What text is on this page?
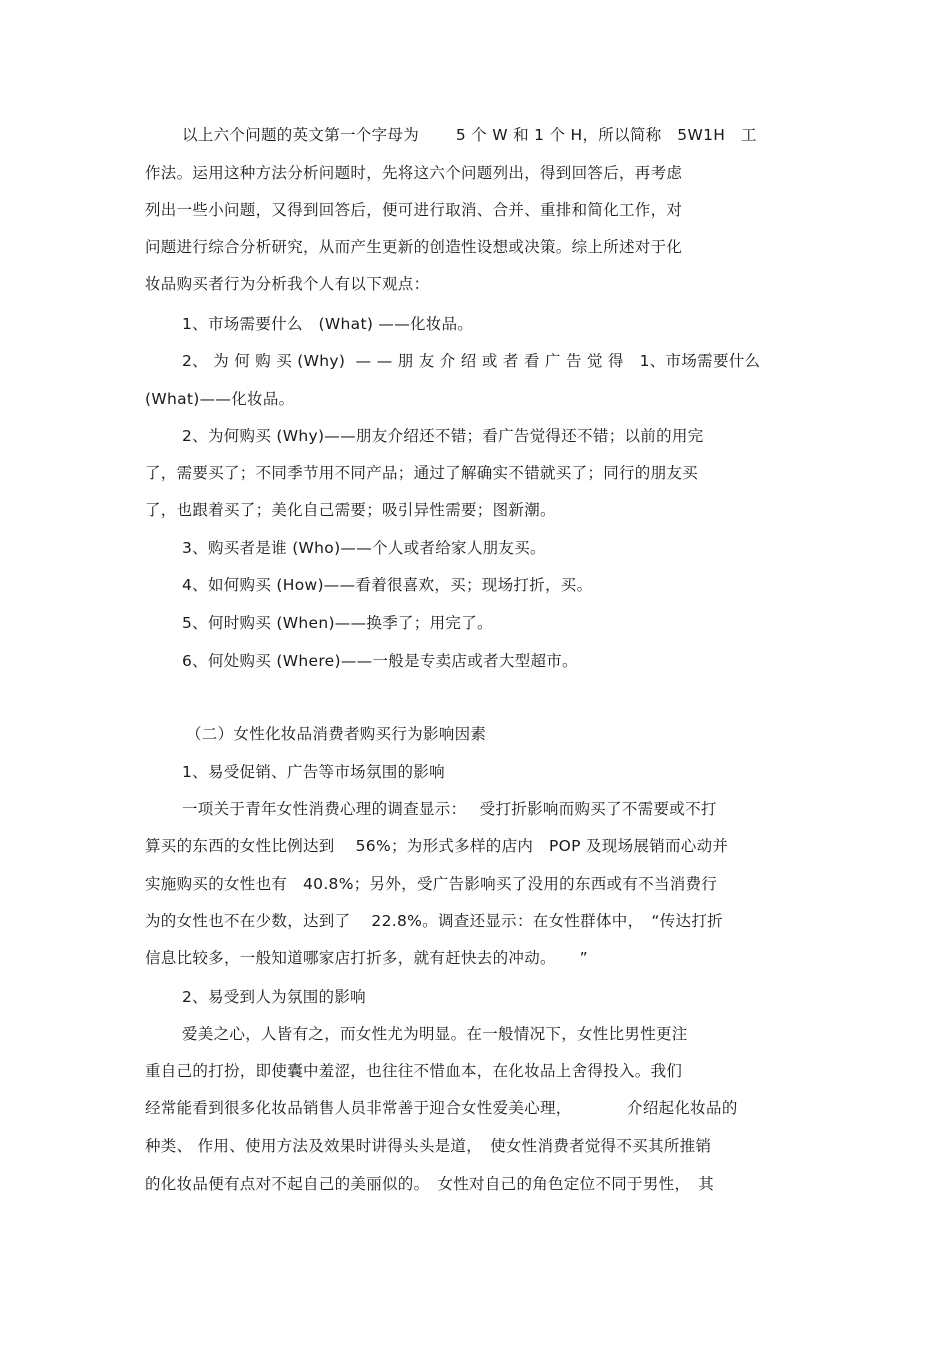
以上六个问题的英文第一个字母为　　 5 个 W 和 1 个 H，所以简称　5W1H　工
作法。运用这种方法分析问题时，先将这六个问题列出，得到回答后，再考虑
列出一些小问题，又得到回答后，便可进行取消、合并、重排和简化工作，对
问题进行综合分析研究，从而产生更新的创造性设想或决策。综上所述对于化
妆品购买者行为分析我个人有以下观点：
1、市场需要什么　(What) ——化妆品。
2、 为 何 购 买 (Why)  — — 朋 友 介 绍 或 者 看 广 告 觉 得　1、市场需要什么
(What)——化妆品。
2、为何购买 (Why)——朋友介绍还不错；看广告觉得还不错；以前的用完
了，需要买了；不同季节用不同产品；通过了解确实不错就买了；同行的朋友买
了，也跟着买了；美化自己需要；吸引异性需要；图新潮。
3、购买者是谁 (Who)——个人或者给家人朋友买。
4、如何购买 (How)——看着很喜欢，买；现场打折，买。
5、何时购买 (When)——换季了；用完了。
6、何处购买 (Where)——一般是专卖店或者大型超市。
（二）女性化妆品消费者购买行为影响因素
1、易受促销、广告等市场氛围的影响
一项关于青年女性消费心理的调查显示：　 受打折影响而购买了不需要或不打
算买的东西的女性比例达到　 56%；为形式多样的店内　POP 及现场展销而心动并
实施购买的女性也有　40.8%；另外，受广告影响买了没用的东西或有不当消费行
为的女性也不在少数，达到了　 22.8%。调查还显示：在女性群体中，　“传达打折
信息比较多，一般知道哪家店打折多，就有赶快去的冲动。　　”
2、易受到人为氛围的影响
爱美之心，人皆有之，而女性尤为明显。在一般情况下，女性比男性更注
重自己的打扮，即使囊中羞涩，也往往不惜血本，在化妆品上舍得投入。我们
经常能看到很多化妆品销售人员非常善于迎合女性爱美心理，　　　　介绍起化妆品的
种类、 作用、使用方法及效果时讲得头头是道，　使女性消费者觉得不买其所推销
的化妆品便有点对不起自己的美丽似的。　女性对自己的角色定位不同于男性，　其
